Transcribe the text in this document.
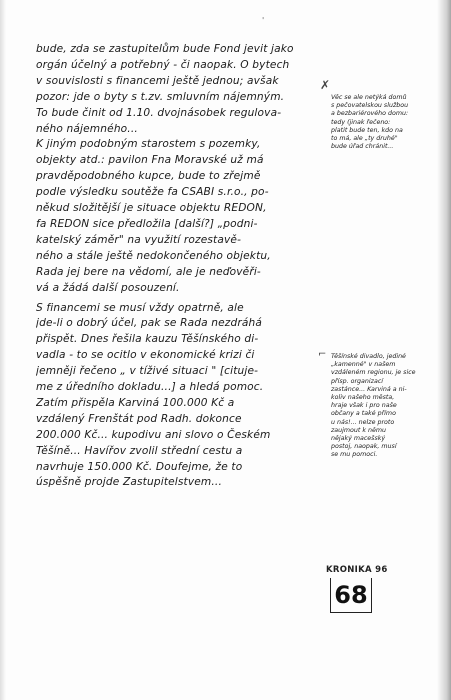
'
bude, zda se zastupitelům bude Fond jevit jako
orgán účelný a potřebný - či naopak. O bytech
v souvislosti s financemi ještě jednou; avšak
pozor: jde o byty s t.zv. smluvním nájemným.
To bude činit od 1.10. dvojnásobek regulova-
ného nájemného...
K jiným podobným starostem s pozemky,
objekty atd.: pavilon Fna Moravské už má
pravděpodobného kupce, bude to zřejmě
podle výsledku soutěže fa CSABI s.r.o., po-
někud složitější je situace objektu REDON,
fa REDON sice předložila [další?] „podni-
katelský záměr" na využití rozestavě-
ného a stále ještě nedokončeného objektu,
Rada jej bere na vědomí, ale je neďověři-
vá a žádá další posouzení.
S financemi se musí vždy opatrně, ale
jde-li o dobrý účel, pak se Rada nezdráhá
přispět. Dnes řešila kauzu Těšínského di-
vadla - to se ocitlo v ekonomické krizi či
jemněji řečeno „ v tíživé situaci " [cituje-
me z úředního dokladu...] a hledá pomoc.
Zatím přispěla Karviná 100.000 Kč a
vzdálený Frenštát pod Radh. dokonce
200.000 Kč... kupodivu ani slovo o Českém
Těšíně... Havířov zvolil střední cestu a
navrhuje 150.000 Kč. Doufejme, že to
úspěšně projde Zastupitelstvem...
✗
Věc se ale netýká domů
s pečovatelskou službou
a bezbariérového domu:
tedy (jinak řečeno:
platit bude ten, kdo na
to má, ale „ty druhé"
bude úřad chránit...
⌐ Těšínské divadlo, jediné
„kamenné" v našem
vzdáleném regionu, je sice
přísp. organizací
zastánce... Karviná a ni-
koliv našeho města,
hraje však i pro naše
občany a také přímo
u nás!... nelze proto
zaujmout k němu
nějaký macešský
postoj, naopak, musí
se mu pomoci.
KRONIKA 96
68
